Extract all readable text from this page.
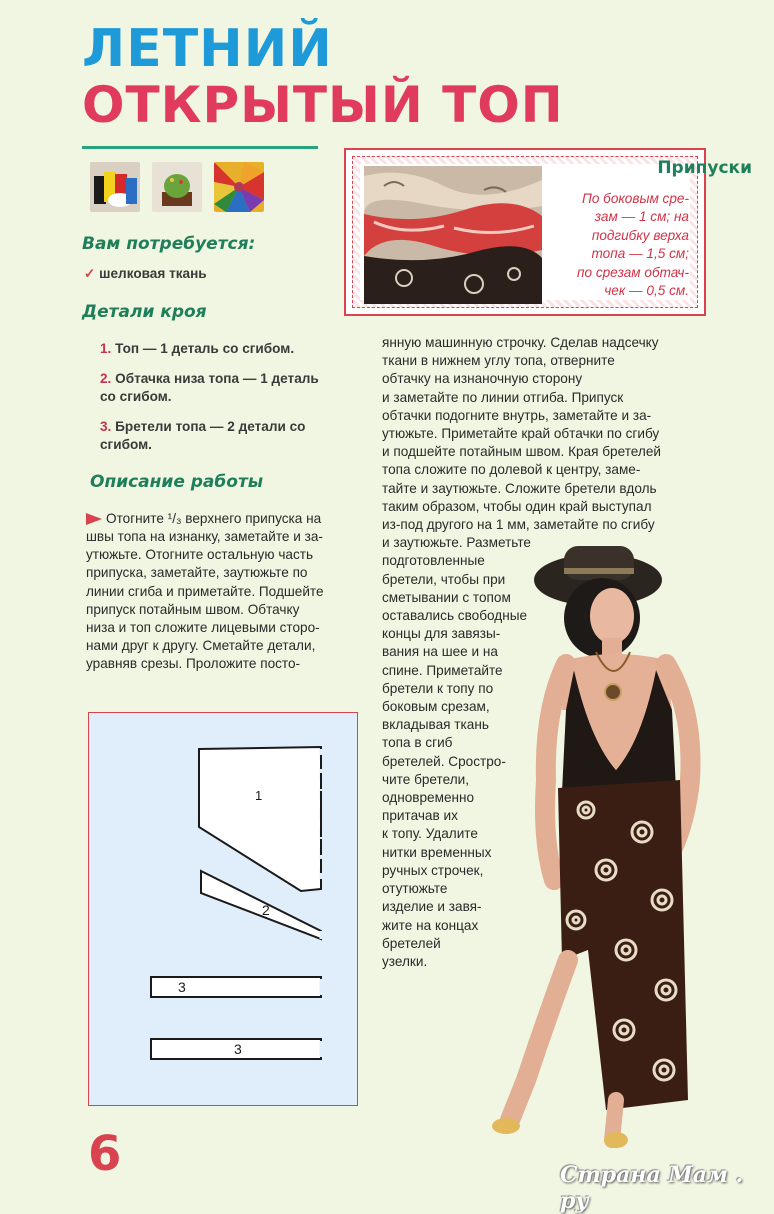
ЛЕТНИЙ
ОТКРЫТЫЙ ТОП
Вам потребуется:
✓ шелковая ткань
Детали кроя
1. Топ — 1 деталь со сгибом.
2. Обтачка низа топа — 1 деталь
со сгибом.
3. Бретели топа — 2 детали со
сгибом.
Описание работы
Отогните ¹/₃ верхнего припуска на
швы топа на изнанку, заметайте и за-
утюжьте. Отогните остальную часть
припуска, заметайте, заутюжьте по
линии сгиба и приметайте. Подшейте
припуск потайным швом. Обтачку
низа и топ сложите лицевыми сторо-
нами друг к другу. Сметайте детали,
уравняв срезы. Проложите посто-
Припуски
По боковым сре-
зам — 1 см; на
подгибку верха
топа — 1,5 см;
по срезам обтач-
чек — 0,5 см.
янную машинную строчку. Сделав надсечку
ткани в нижнем углу топа, отверните
обтачку на изнаночную сторону
и заметайте по линии отгиба. Припуск
обтачки подогните внутрь, заметайте и за-
утюжьте. Приметайте край обтачки по сгибу
и подшейте потайным швом. Края бретелей
топа сложите по долевой к центру, заме-
тайте и заутюжьте. Сложите бретели вдоль
таким образом, чтобы один край выступал
из-под другого на 1 мм, заметайте по сгибу
и заутюжьте. Разметьте
подготовленные
бретели, чтобы при
сметывании с топом
оставались свободные
концы для завязы-
вания на шее и на
спине. Приметайте
бретели к топу по
боковым срезам,
вкладывая ткань
топа в сгиб
бретелей. Сростро-
чите бретели,
одновременно
притачав их
к топу. Удалите
нитки временных
ручных строчек,
отутюжьте
изделие и завя-
жите на концах
бретелей
узелки.
1
2
3
3
6	Страна Мам . ру
